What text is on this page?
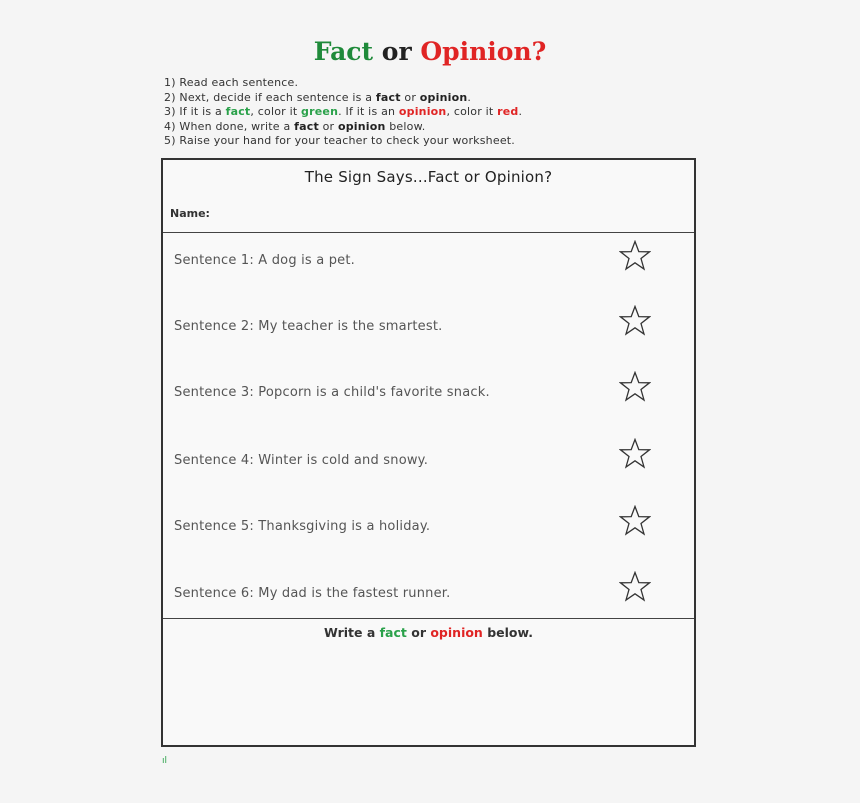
Fact or Opinion?
1) Read each sentence.
2) Next, decide if each sentence is a fact or opinion.
3) If it is a fact, color it green. If it is an opinion, color it red.
4) When done, write a fact or opinion below.
5) Raise your hand for your teacher to check your worksheet.
The Sign Says...Fact or Opinion?
Name:
Sentence 1: A dog is a pet.
Sentence 2: My teacher is the smartest.
Sentence 3: Popcorn is a child's favorite snack.
Sentence 4: Winter is cold and snowy.
Sentence 5: Thanksgiving is a holiday.
Sentence 6: My dad is the fastest runner.
Write a fact or opinion below.
ıl
